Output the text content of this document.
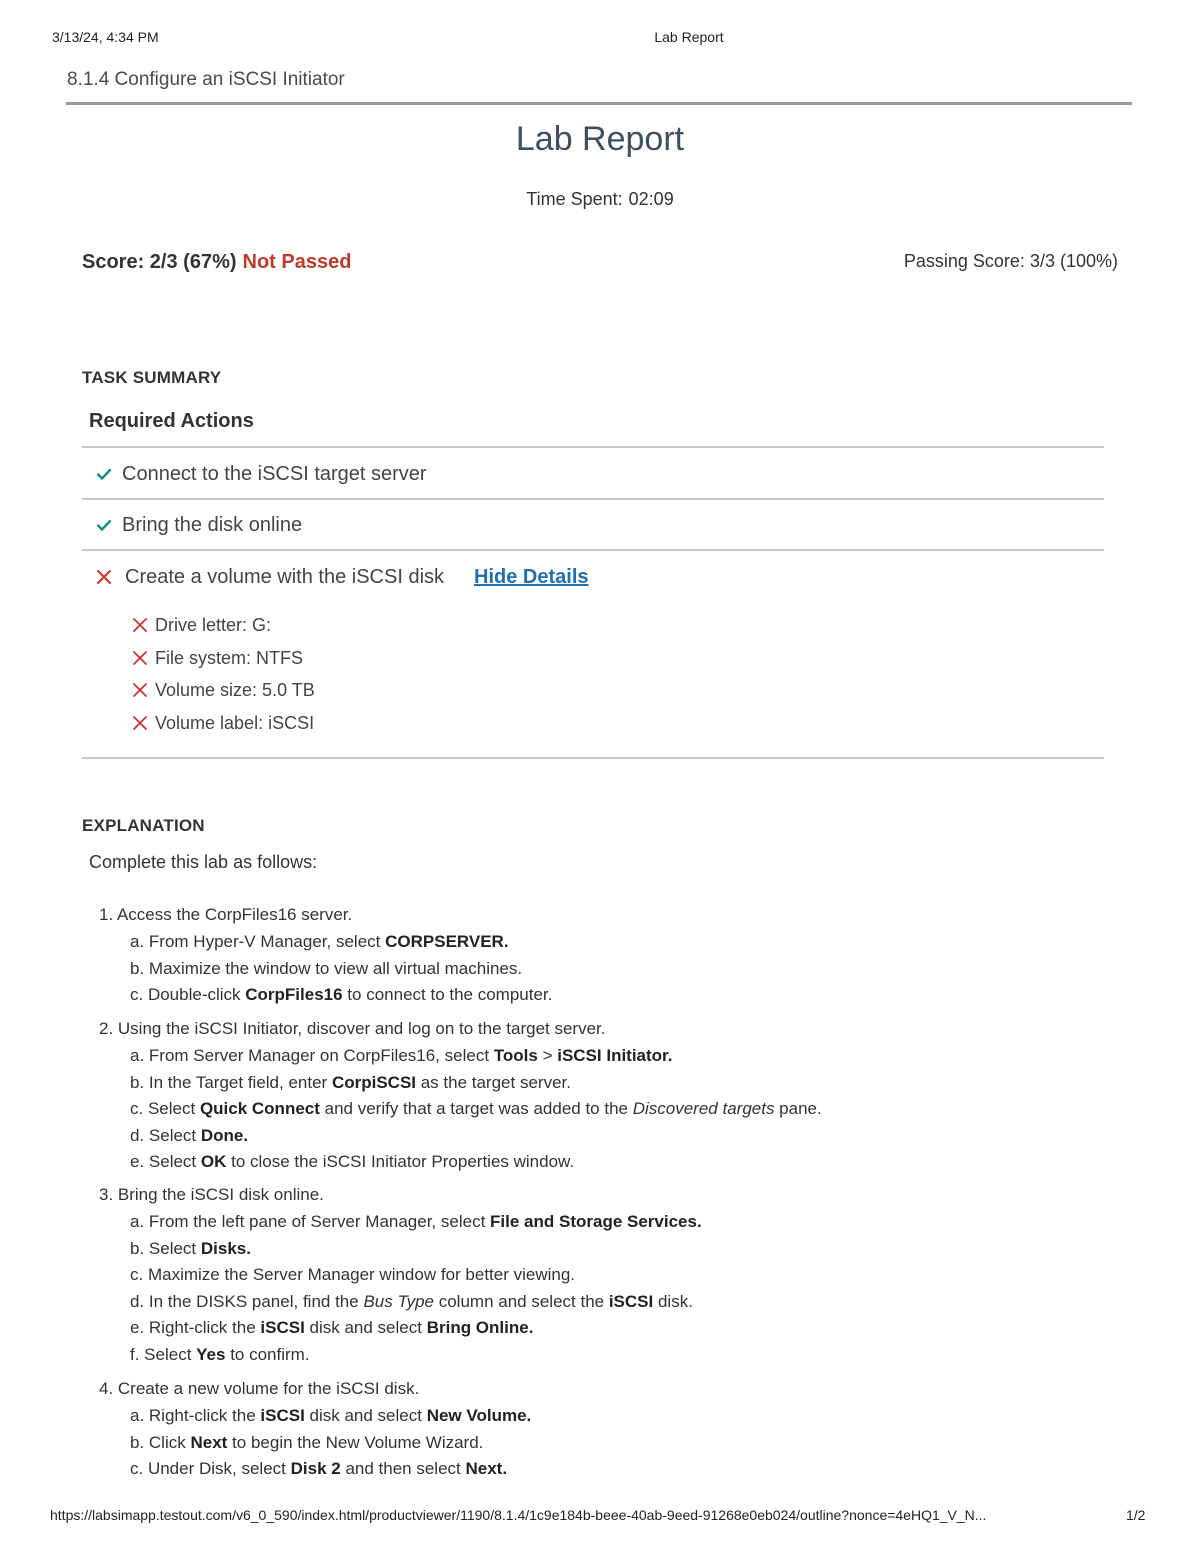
3/13/24, 4:34 PM	Lab Report
8.1.4 Configure an iSCSI Initiator
Lab Report
Time Spent: 02:09
Score: 2/3 (67%) Not Passed	Passing Score: 3/3 (100%)
TASK SUMMARY
Required Actions
Connect to the iSCSI target server
Bring the disk online
Create a volume with the iSCSI disk Hide Details
Drive letter: G:
File system: NTFS
Volume size: 5.0 TB
Volume label: iSCSI
EXPLANATION
Complete this lab as follows:
1. Access the CorpFiles16 server.
a. From Hyper-V Manager, select CORPSERVER.
b. Maximize the window to view all virtual machines.
c. Double-click CorpFiles16 to connect to the computer.
2. Using the iSCSI Initiator, discover and log on to the target server.
a. From Server Manager on CorpFiles16, select Tools > iSCSI Initiator.
b. In the Target field, enter CorpiSCSI as the target server.
c. Select Quick Connect and verify that a target was added to the Discovered targets pane.
d. Select Done.
e. Select OK to close the iSCSI Initiator Properties window.
3. Bring the iSCSI disk online.
a. From the left pane of Server Manager, select File and Storage Services.
b. Select Disks.
c. Maximize the Server Manager window for better viewing.
d. In the DISKS panel, find the Bus Type column and select the iSCSI disk.
e. Right-click the iSCSI disk and select Bring Online.
f. Select Yes to confirm.
4. Create a new volume for the iSCSI disk.
a. Right-click the iSCSI disk and select New Volume.
b. Click Next to begin the New Volume Wizard.
c. Under Disk, select Disk 2 and then select Next.
https://labsimapp.testout.com/v6_0_590/index.html/productviewer/1190/8.1.4/1c9e184b-beee-40ab-9eed-91268e0eb024/outline?nonce=4eHQ1_V_N...	1/2
